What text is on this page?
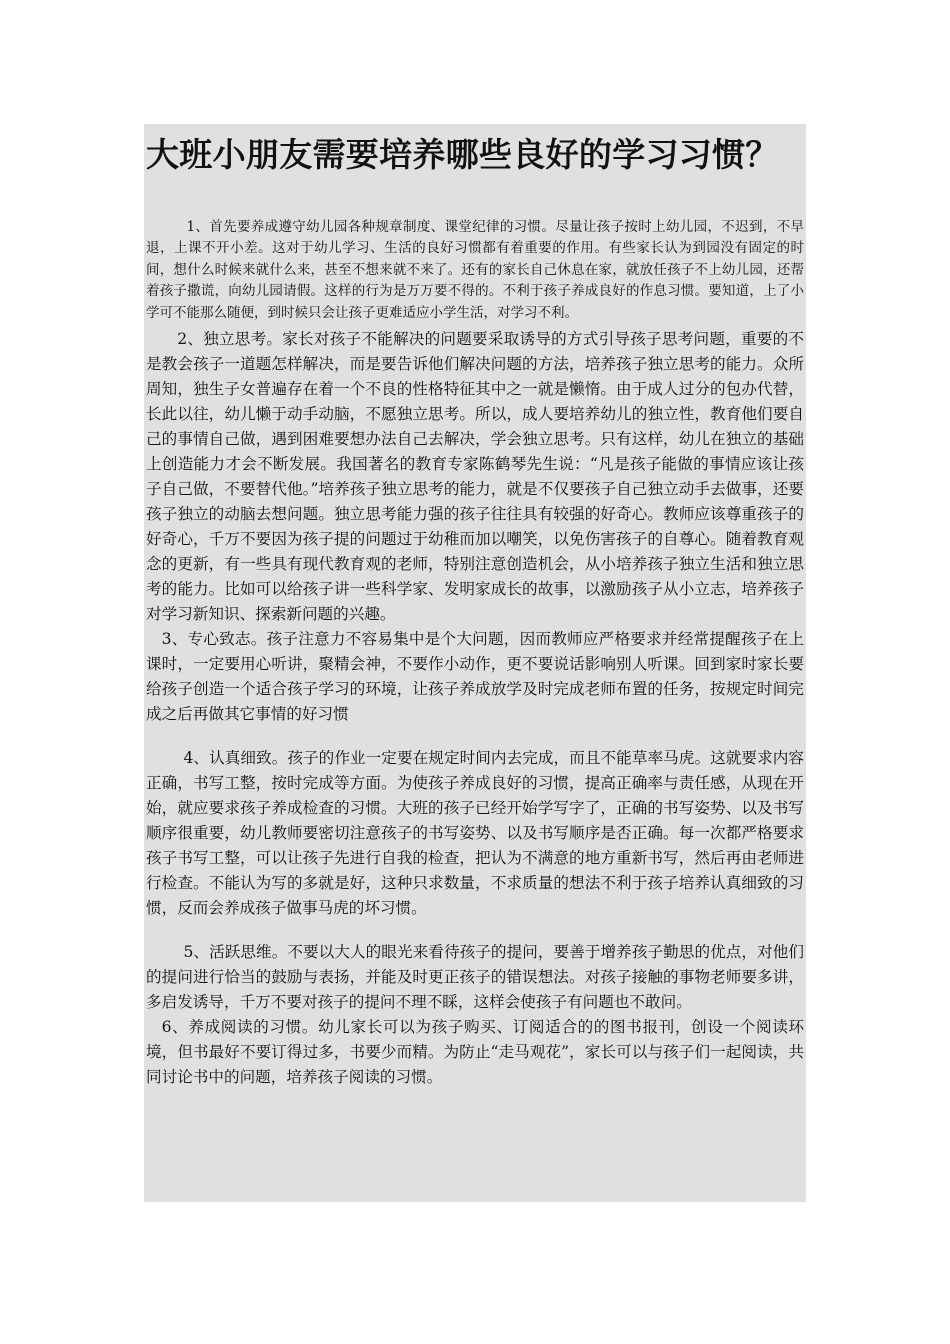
大班小朋友需要培养哪些良好的学习习惯？

1、首先要养成遵守幼儿园各种规章制度、课堂纪律的习惯。尽量让孩子按时上幼儿园，不迟到，不早退，上课不开小差。这对于幼儿学习、生活的良好习惯都有着重要的作用。有些家长认为到园没有固定的时间，想什么时候来就什么来，甚至不想来就不来了。还有的家长自己休息在家，就放任孩子不上幼儿园，还帮着孩子撒谎，向幼儿园请假。这样的行为是万万要不得的。不利于孩子养成良好的作息习惯。要知道，上了小学可不能那么随便，到时候只会让孩子更难适应小学生活，对学习不利。

2、独立思考。家长对孩子不能解决的问题要采取诱导的方式引导孩子思考问题，重要的不是教会孩子一道题怎样解决，而是要告诉他们解决问题的方法，培养孩子独立思考的能力。众所周知，独生子女普遍存在着一个不良的性格特征其中之一就是懒惰。由于成人过分的包办代替，长此以往，幼儿懒于动手动脑，不愿独立思考。所以，成人要培养幼儿的独立性，教育他们要自己的事情自己做，遇到困难要想办法自己去解决，学会独立思考。只有这样，幼儿在独立的基础上创造能力才会不断发展。我国著名的教育专家陈鹤琴先生说：“凡是孩子能做的事情应该让孩子自己做，不要替代他。”培养孩子独立思考的能力，就是不仅要孩子自己独立动手去做事，还要孩子独立的动脑去想问题。独立思考能力强的孩子往往具有较强的好奇心。教师应该尊重孩子的好奇心，千万不要因为孩子提的问题过于幼稚而加以嘲笑，以免伤害孩子的自尊心。随着教育观念的更新，有一些具有现代教育观的老师，特别注意创造机会，从小培养孩子独立生活和独立思考的能力。比如可以给孩子讲一些科学家、发明家成长的故事，以激励孩子从小立志，培养孩子对学习新知识、探索新问题的兴趣。

3、专心致志。孩子注意力不容易集中是个大问题，因而教师应严格要求并经常提醒孩子在上课时，一定要用心听讲，聚精会神，不要作小动作，更不要说话影响别人听课。回到家时家长要给孩子创造一个适合孩子学习的环境，让孩子养成放学及时完成老师布置的任务，按规定时间完成之后再做其它事情的好习惯

4、认真细致。孩子的作业一定要在规定时间内去完成，而且不能草率马虎。这就要求内容正确，书写工整，按时完成等方面。为使孩子养成良好的习惯，提高正确率与责任感，从现在开始，就应要求孩子养成检查的习惯。大班的孩子已经开始学写字了，正确的书写姿势、以及书写顺序很重要，幼儿教师要密切注意孩子的书写姿势、以及书写顺序是否正确。每一次都严格要求孩子书写工整，可以让孩子先进行自我的检查，把认为不满意的地方重新书写，然后再由老师进行检查。不能认为写的多就是好，这种只求数量，不求质量的想法不利于孩子培养认真细致的习惯，反而会养成孩子做事马虎的坏习惯。

5、活跃思维。不要以大人的眼光来看待孩子的提问，要善于增养孩子勤思的优点，对他们的提问进行恰当的鼓励与表扬，并能及时更正孩子的错误想法。对孩子接触的事物老师要多讲，多启发诱导，千万不要对孩子的提问不理不睬，这样会使孩子有问题也不敢问。

6、养成阅读的习惯。幼儿家长可以为孩子购买、订阅适合的的图书报刊，创设一个阅读环境，但书最好不要订得过多，书要少而精。为防止“走马观花”，家长可以与孩子们一起阅读，共同讨论书中的问题，培养孩子阅读的习惯。
